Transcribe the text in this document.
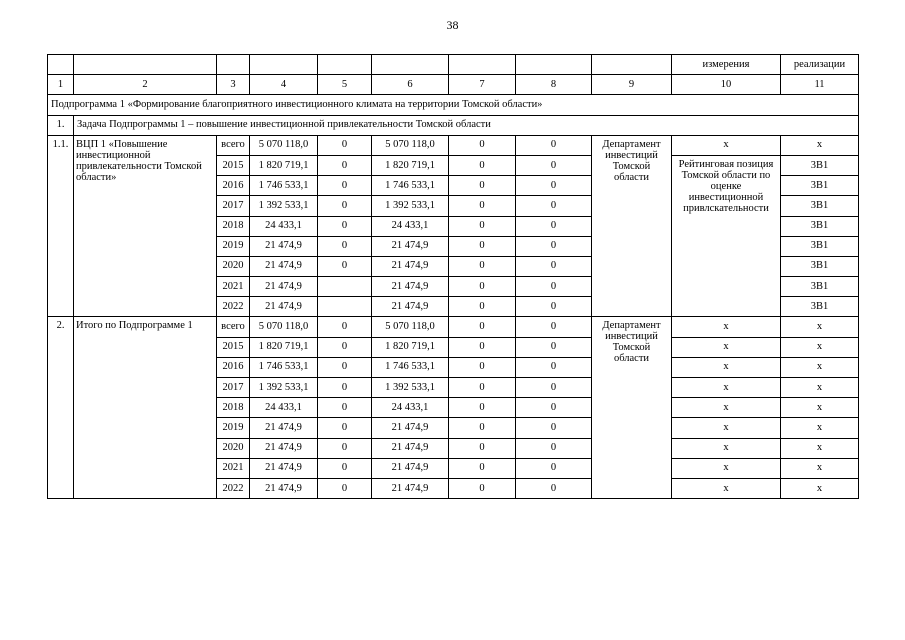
38
									измерения	реализации
1	2	3	4	5	6	7	8	9	10	11
Подпрограмма 1 «Формирование благоприятного инвестиционного климата на территории Томской области»										
1.	Задача Подпрограммы 1 – повышение инвестиционной привлекательности Томской области									
1.1.	ВЦП 1 «Повышение инвестиционной привлекательности Томской области»	всего	5 070 118,0	0	5 070 118,0	0	0	Департамент инвестиций Томской области	х	х
		2015	1 820 719,1	0	1 820 719,1	0	0		Рейтинговая позиция Томской области по оценке инвестиционной привлскательности	3В1
		2016	1 746 533,1	0	1 746 533,1	0	0			3В1
		2017	1 392 533,1	0	1 392 533,1	0	0			3В1
		2018	24 433,1	0	24 433,1	0	0			3В1
		2019	21 474,9	0	21 474,9	0	0			3В1
		2020	21 474,9	0	21 474,9	0	0			3В1
		2021	21 474,9		21 474,9	0	0			3В1
		2022	21 474,9		21 474,9	0	0			3В1
2.	Итого по Подпрограмме 1	всего	5 070 118,0	0	5 070 118,0	0	0	Департамент инвестиций Томской области	х	х
		2015	1 820 719,1	0	1 820 719,1	0	0		х	х
		2016	1 746 533,1	0	1 746 533,1	0	0		х	х
		2017	1 392 533,1	0	1 392 533,1	0	0		х	х
		2018	24 433,1	0	24 433,1	0	0		х	х
		2019	21 474,9	0	21 474,9	0	0		х	х
		2020	21 474,9	0	21 474,9	0	0		х	х
		2021	21 474,9	0	21 474,9	0	0		х	х
		2022	21 474,9	0	21 474,9	0	0		х	х
